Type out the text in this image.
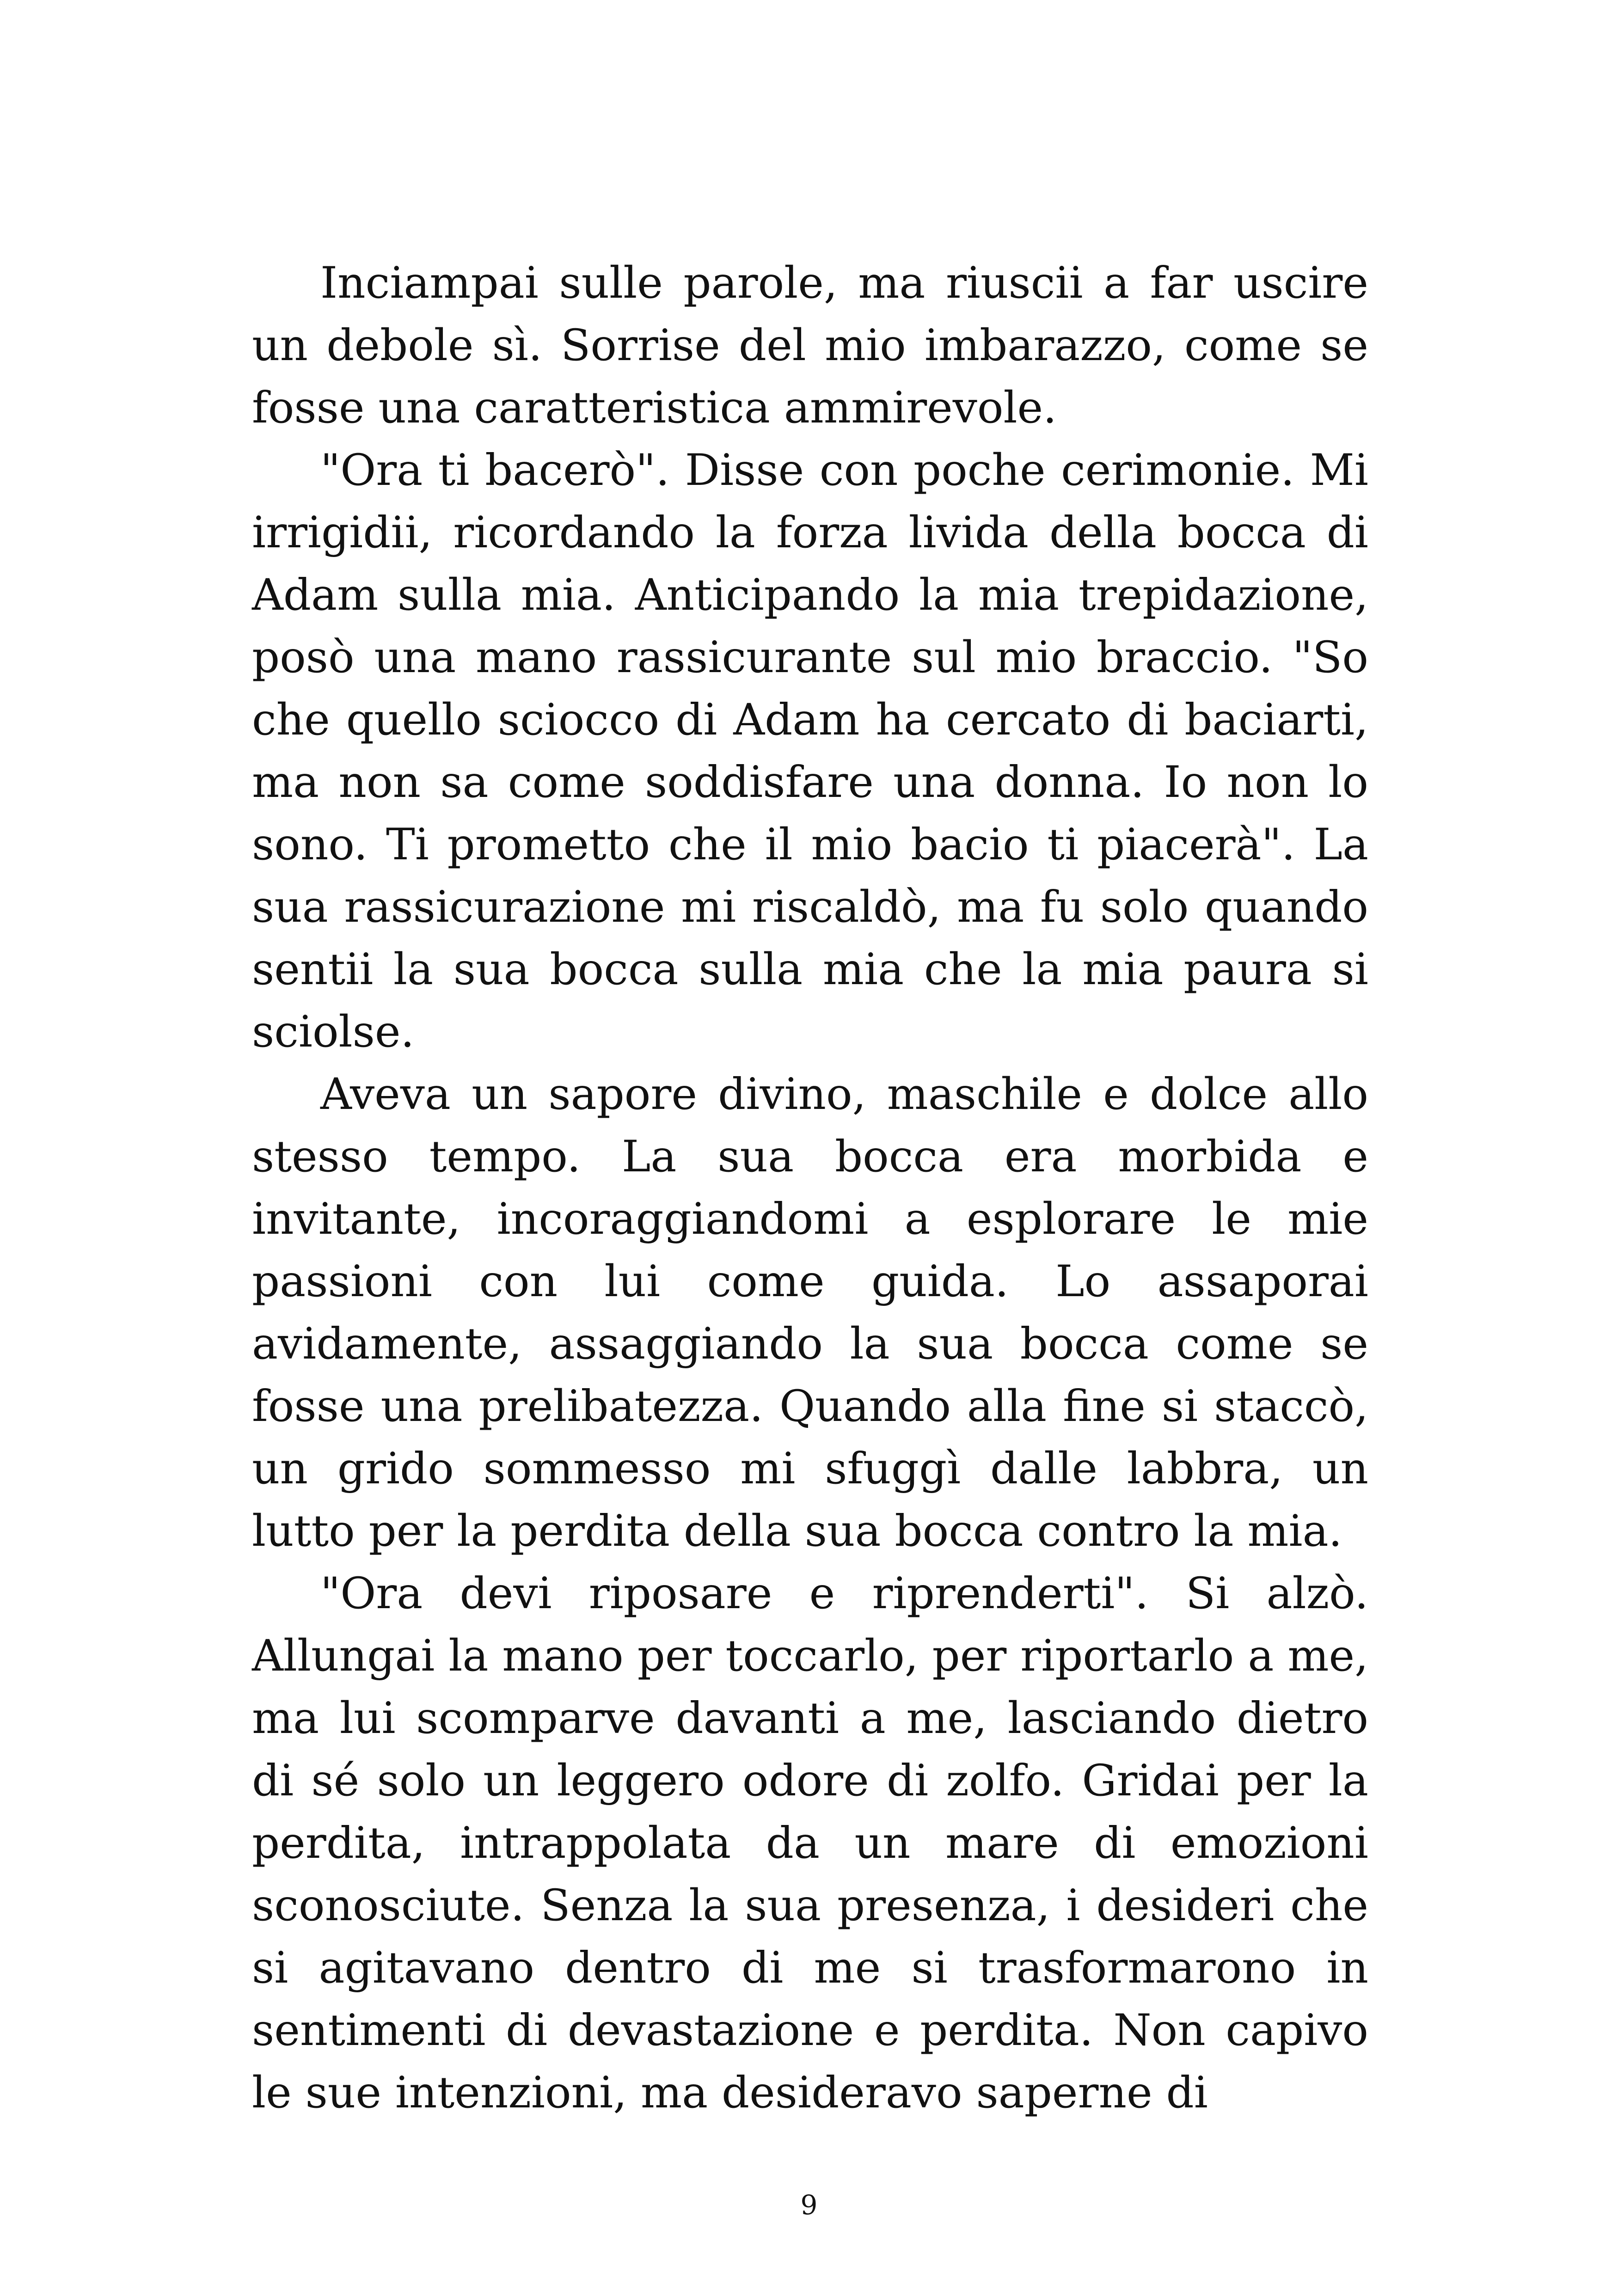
Inciampai sulle parole, ma riuscii a far uscire un debole sì. Sorrise del mio imbarazzo, come se fosse una caratteristica ammirevole.

"Ora ti bacerò". Disse con poche cerimonie. Mi irrigidii, ricordando la forza livida della bocca di Adam sulla mia. Anticipando la mia trepidazione, posò una mano rassicurante sul mio braccio. "So che quello sciocco di Adam ha cercato di baciarti, ma non sa come soddisfare una donna. Io non lo sono. Ti prometto che il mio bacio ti piacerà". La sua rassicurazione mi riscaldò, ma fu solo quando sentii la sua bocca sulla mia che la mia paura si sciolse.

Aveva un sapore divino, maschile e dolce allo stesso tempo. La sua bocca era morbida e invitante, incoraggiandomi a esplorare le mie passioni con lui come guida. Lo assaporai avidamente, assaggiando la sua bocca come se fosse una prelibatezza. Quando alla fine si staccò, un grido sommesso mi sfuggì dalle labbra, un lutto per la perdita della sua bocca contro la mia.

"Ora devi riposare e riprenderti". Si alzò. Allungai la mano per toccarlo, per riportarlo a me, ma lui scomparve davanti a me, lasciando dietro di sé solo un leggero odore di zolfo. Gridai per la perdita, intrappolata da un mare di emozioni sconosciute. Senza la sua presenza, i desideri che si agitavano dentro di me si trasformarono in sentimenti di devastazione e perdita. Non capivo le sue intenzioni, ma desideravo saperne di

9
